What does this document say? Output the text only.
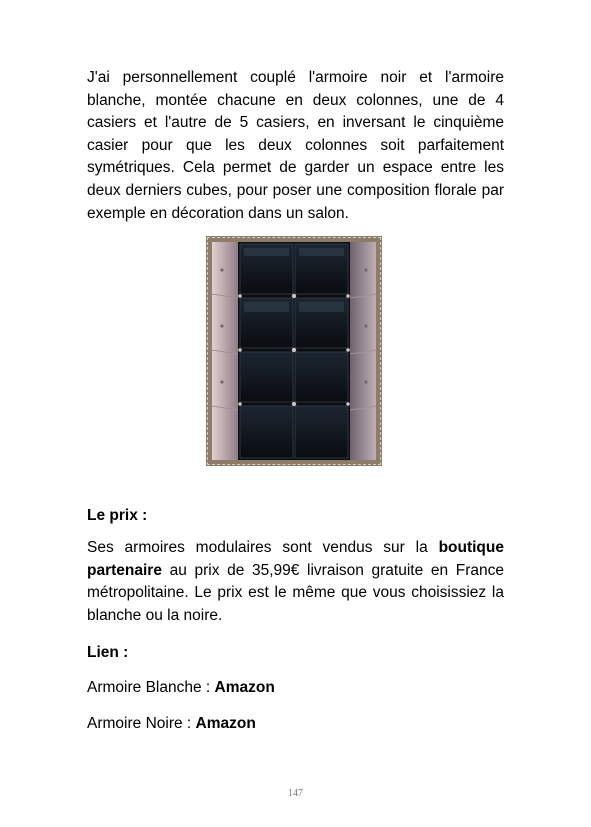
J'ai personnellement couplé l'armoire noir et l'armoire blanche, montée chacune en deux colonnes, une de 4 casiers et l'autre de 5 casiers, en inversant le cinquième casier pour que les deux colonnes soit parfaitement symétriques. Cela permet de garder un espace entre les deux derniers cubes, pour poser une composition florale par exemple en décoration dans un salon.

Le prix :

Ses armoires modulaires sont vendus sur la boutique partenaire au prix de 35,99€ livraison gratuite en France métropolitaine. Le prix est le même que vous choisissiez la blanche ou la noire.

Lien :
Armoire Blanche : Amazon
Armoire Noire : Amazon
147
